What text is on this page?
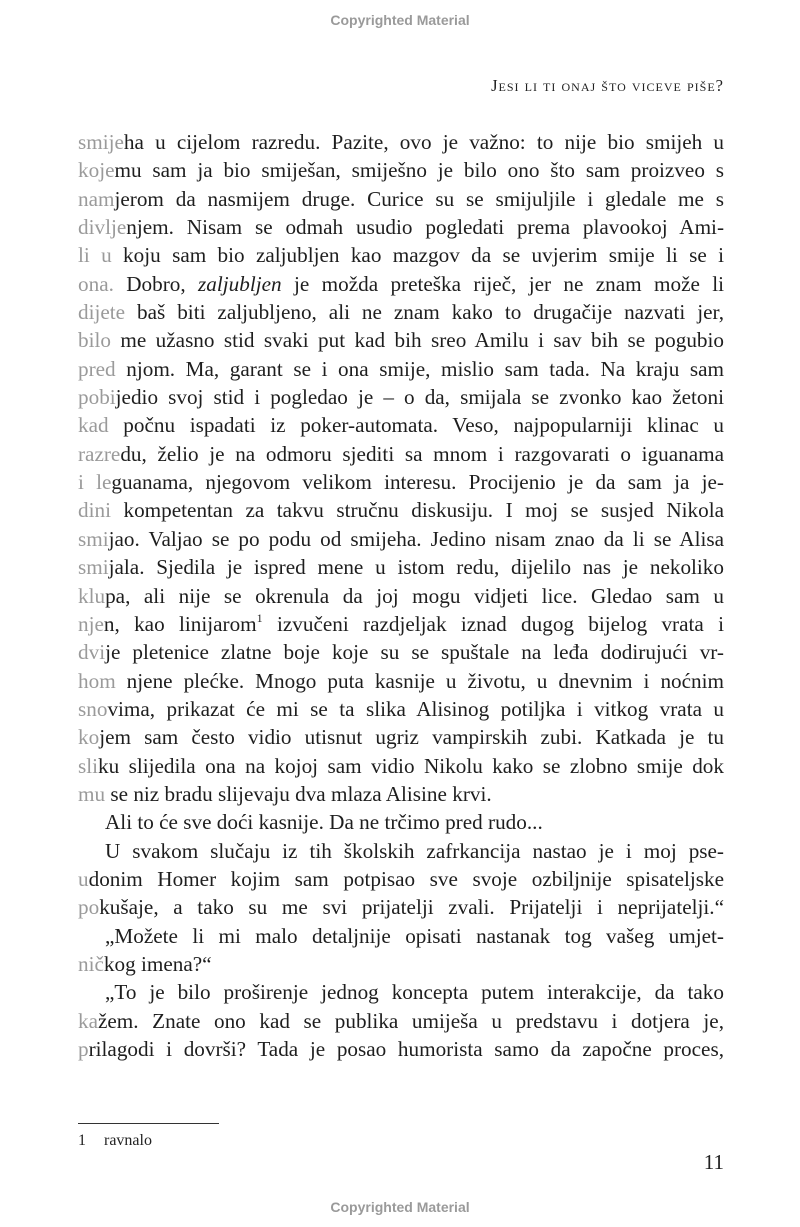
Copyrighted Material
Jesi li ti onaj što viceve piše?
smijeha u cijelom razredu. Pazite, ovo je važno: to nije bio smijeh u
kojemu sam ja bio smiješan, smiješno je bilo ono što sam proizveo s
namjerom da nasmijem druge. Curice su se smijuljile i gledale me s
divljenjem. Nisam se odmah usudio pogledati prema plavookoj Ami-
li u koju sam bio zaljubljen kao mazgov da se uvjerim smije li se i
ona. Dobro, zaljubljen je možda preteška riječ, jer ne znam može li
dijete baš biti zaljubljeno, ali ne znam kako to drugačije nazvati jer,
bilo me užasno stid svaki put kad bih sreo Amilu i sav bih se pogubio
pred njom. Ma, garant se i ona smije, mislio sam tada. Na kraju sam
pobijedio svoj stid i pogledao je – o da, smijala se zvonko kao žetoni
kad počnu ispadati iz poker-automata. Veso, najpopularniji klinac u
razredu, želio je na odmoru sjediti sa mnom i razgovarati o iguanama
i leguanama, njegovom velikom interesu. Procijenio je da sam ja je-
dini kompetentan za takvu stručnu diskusiju. I moj se susjed Nikola
smijao. Valjao se po podu od smijeha. Jedino nisam znao da li se Alisa
smijala. Sjedila je ispred mene u istom redu, dijelilo nas je nekoliko
klupa, ali nije se okrenula da joj mogu vidjeti lice. Gledao sam u
njen, kao linijarom$^1$ izvučeni razdjeljak iznad dugog bijelog vrata i
dvije pletenice zlatne boje koje su se spuštale na leđa dodirujući vr-
hom njene plećke. Mnogo puta kasnije u životu, u dnevnim i noćnim
snovima, prikazat će mi se ta slika Alisinog potiljka i vitkog vrata u
kojem sam često vidio utisnut ugriz vampirskih zubi. Katkada je tu
sliku slijedila ona na kojoj sam vidio Nikolu kako se zlobno smije dok
mu se niz bradu slijevaju dva mlaza Alisine krvi.
Ali to će sve doći kasnije. Da ne trčimo pred rudo...
U svakom slučaju iz tih školskih zafrkancija nastao je i moj pse-
udonim Homer kojim sam potpisao sve svoje ozbiljnije spisateljske
pokušaje, a tako su me svi prijatelji zvali. Prijatelji i neprijatelji.“
„Možete li mi malo detaljnije opisati nastanak tog vašeg umjet-
ničkog imena?“
„To je bilo proširenje jednog koncepta putem interakcije, da tako
kažem. Znate ono kad se publika umiješa u predstavu i dotjera je,
prilagodi i dovrši? Tada je posao humorista samo da započne proces,
1 ravnalo
11
Copyrighted Material
